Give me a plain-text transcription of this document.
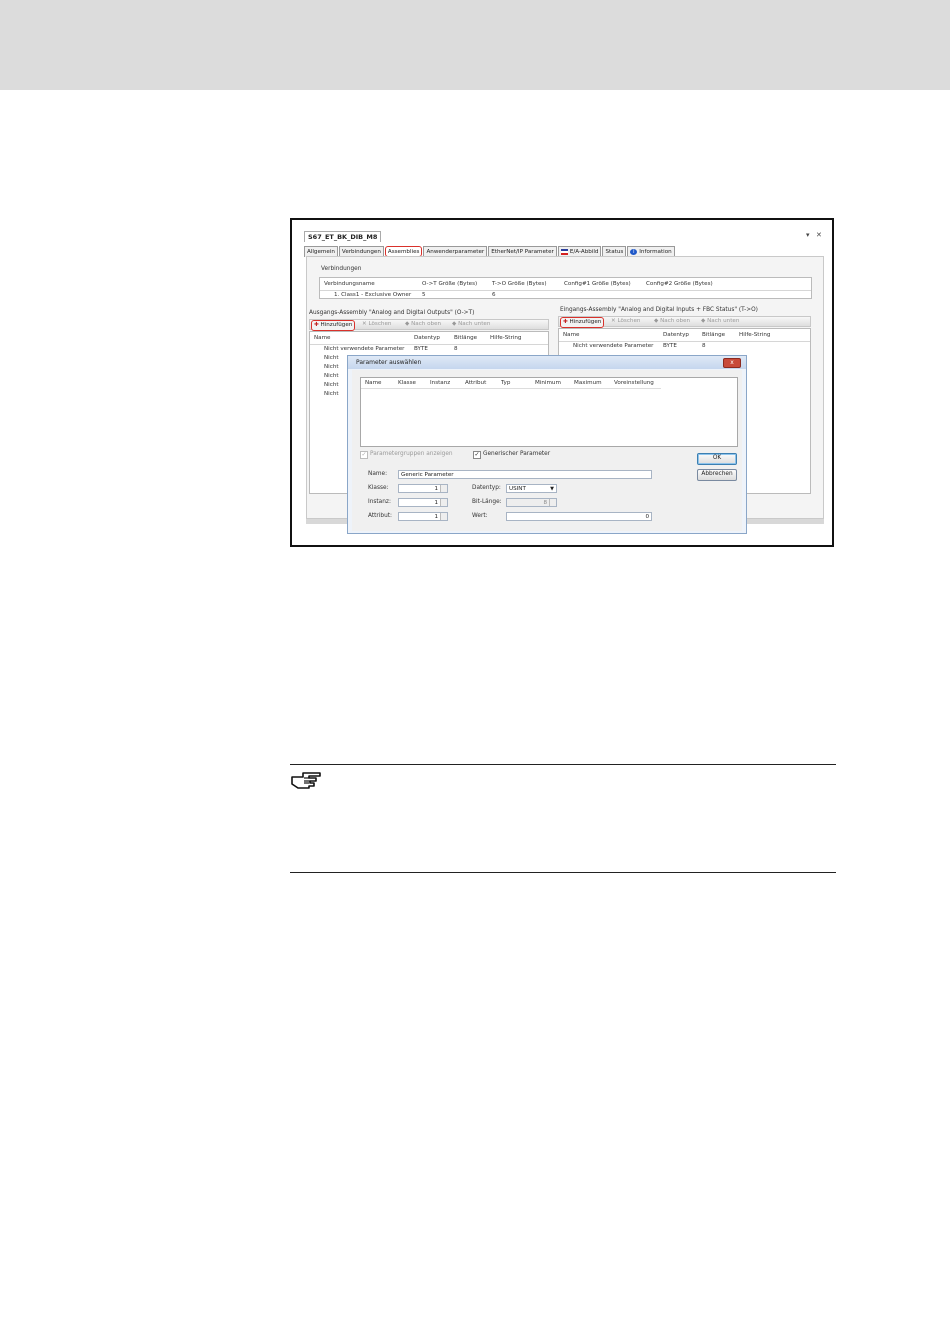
S67_ET_BK_DIB_M8	▾ ✕
Allgemein	Verbindungen	Assemblies	Anwenderparameter	EtherNet/IP Parameter	E/A-Abbild	Status	i Information
Verbindungen
Verbindungsname	O->T Größe (Bytes)	T->O Größe (Bytes)	Config#1 Größe (Bytes)	Config#2 Größe (Bytes)
1. Class1 - Exclusive Owner 5	6
Ausgangs-Assembly "Analog and Digital Outputs" (O->T)
✚ Hinzufügen	✕ Löschen ◆ Nach oben ◆ Nach unten
Name	Datentyp	Bitlänge Hilfe-String
Nicht verwendete Parameter BYTE	8
Nicht
Nicht
Nicht
Nicht
Nicht
Eingangs-Assembly "Analog and Digital Inputs + FBC Status" (T->O)
✚ Hinzufügen	✕ Löschen ◆ Nach oben ◆ Nach unten
Name	Datentyp Bitlänge Hilfe-String
Nicht verwendete Parameter BYTE	8
Parameter auswählen	x
Name	Klasse	Instanz	Attribut	Typ	Minimum Maximum Voreinstellung
✓ Parametergruppen anzeigen	✓ Generischer Parameter
OK
Abbrechen
Name:	Generic Parameter
Klasse:	1
Instanz:	1
Attribut:	1
Datentyp:	USINT	▼
Bit-Länge:	8
Wert:	0
